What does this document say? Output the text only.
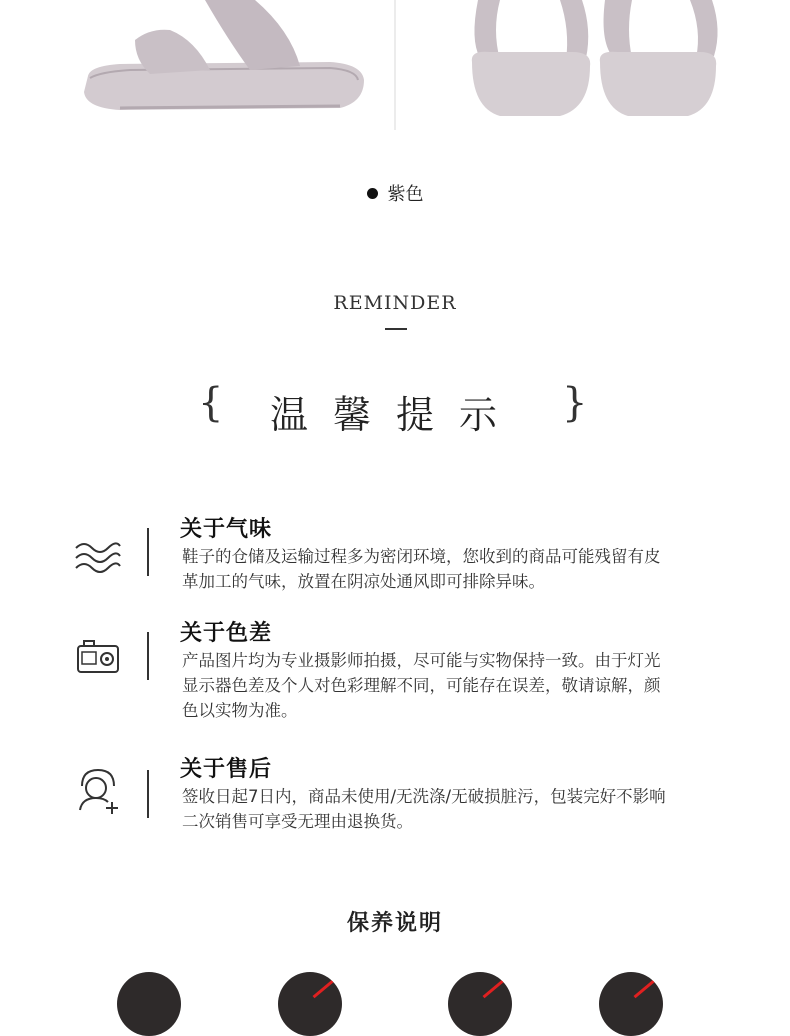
紫色
REMINDER
{ 温馨提示 }
关于气味
鞋子的仓储及运输过程多为密闭环境，您收到的商品可能残留有皮
革加工的气味，放置在阴凉处通风即可排除异味。
关于色差
产品图片均为专业摄影师拍摄，尽可能与实物保持一致。由于灯光
显示器色差及个人对色彩理解不同，可能存在误差，敬请谅解，颜
色以实物为准。
关于售后
签收日起7日内，商品未使用/无洗涤/无破损脏污，包装完好不影响
二次销售可享受无理由退换货。
保养说明
